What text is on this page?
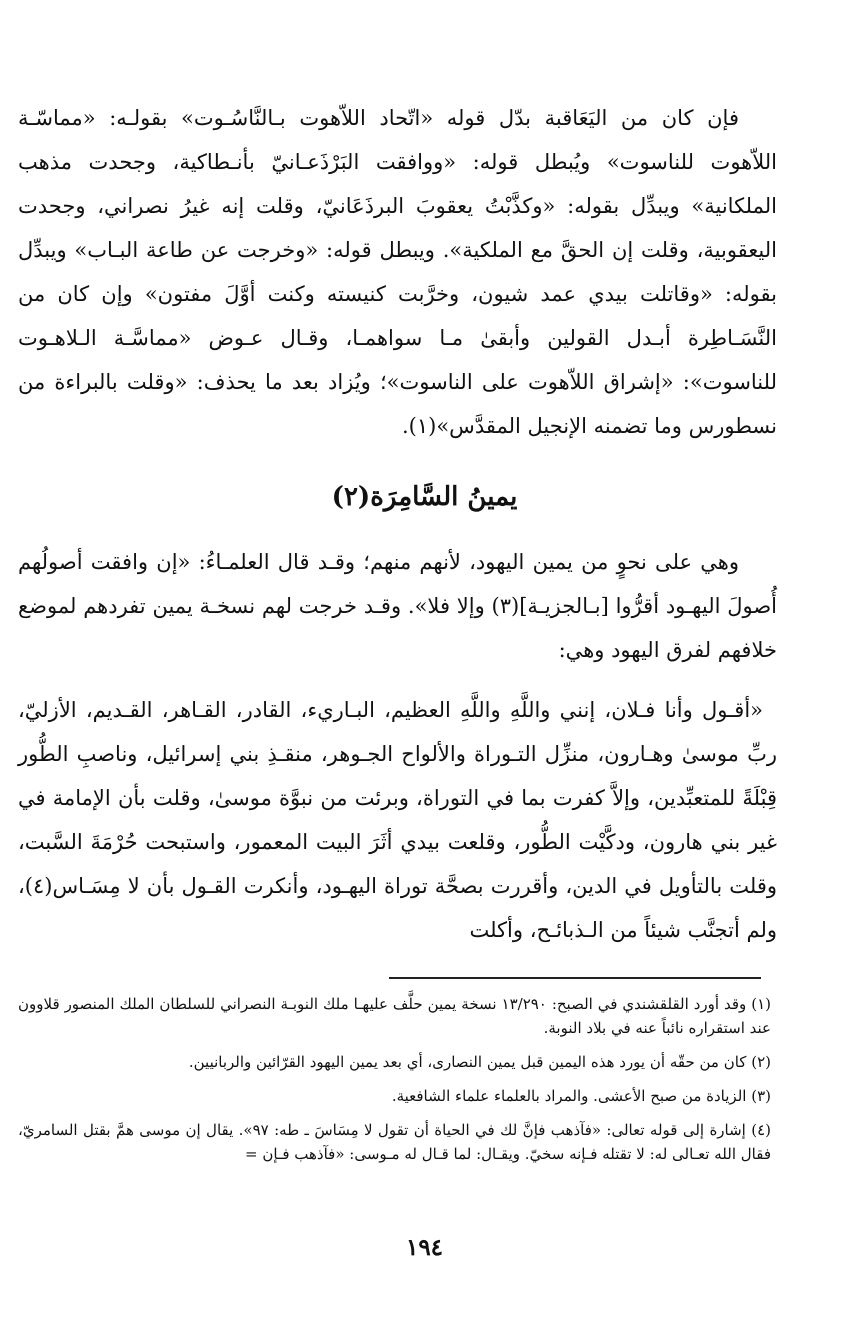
فإن كان من اليَعَاقبة بدّل قوله «اتّحاد اللاّهوت بـالنَّاسُـوت» بقولـه: «مماسّـة اللاّهوت للناسوت» ويُبطل قوله: «ووافقت البَرْذَعـانيّ بأنـطاكية، وجحدت مذهب الملكانية» ويبدِّل بقوله: «وكذَّبْتُ يعقوبَ البرذَعَانيّ، وقلت إنه غيرُ نصراني، وجحدت اليعقوبية، وقلت إن الحقَّ مع الملكية». ويبطل قوله: «وخرجت عن طاعة البـاب» ويبدِّل بقوله: «وقاتلت بيدي عمد شيون، وخرَّبت كنيسته وكنت أوَّلَ مفتون» وإن كان من النَّسَـاطِرة أبـدل القولين وأبقىٰ مـا سواهمـا، وقـال عـوض «مماسَّـة الـلاهـوت للناسوت»: «إشراق اللاّهوت على الناسوت»؛ ويُزاد بعد ما يحذف: «وقلت بالبراءة من نسطورس وما تضمنه الإنجيل المقدَّس»(١).

يمينُ السَّامِرَة(٢)

وهي على نحوٍ من يمين اليهود، لأنهم منهم؛ وقـد قال العلمـاءُ: «إن وافقت أصولُهم أُصولَ اليهـود أقرُّوا [بـالجزيـة](٣) وإلا فلا». وقـد خرجت لهم نسخـة يمين تفردهم لموضع خلافهم لفرق اليهود وهي:

«أقـول وأنا فـلان، إنني واللَّهِ واللَّهِ العظيم، البـاريء، القادر، القـاهر، القـديم، الأزليّ، ربِّ موسىٰ وهـارون، منزِّل التـوراة والألواح الجـوهر، منقـذِ بني إسرائيل، وناصبِ الطُّور قِبْلَةً للمتعبِّدين، وإلاَّ كفرت بما في التوراة، وبرئت من نبوَّة موسىٰ، وقلت بأن الإمامة في غير بني هارون، ودكَّيْت الطُّور، وقلعت بيدي أثَرَ البيت المعمور، واستبحت حُرْمَةَ السَّبت، وقلت بالتأويل في الدين، وأقررت بصحَّة توراة اليهـود، وأنكرت القـول بأن لا مِسَـاس(٤)، ولم أتجنَّب شيئاً من الـذبائـح، وأكلت

(١) وقد أورد القلقشندي في الصبح: ١٣/٢٩٠ نسخة يمين حلَّف عليهـا ملك النوبـة النصراني للسلطان الملك المنصور قلاوون عند استقراره نائباً عنه في بلاد النوبة.

(٢) كان من حقّه أن يورد هذه اليمين قبل يمين النصارى، أي بعد يمين اليهود القرّائين والربانيين.

(٣) الزيادة من صبح الأعشى. والمراد بالعلماء علماء الشافعية.

(٤) إشارة إلى قوله تعالى: «فآذهب فإنَّ لك في الحياة أن تقول لا مِسَاسَ ـ طه: ٩٧». يقال إن موسى همَّ بقتل السامريّ، فقال الله تعـالى له: لا تقتله فـإنه سخيّ. ويقـال: لما قـال له مـوسى: «فآذهب فـإن =

١٩٤
